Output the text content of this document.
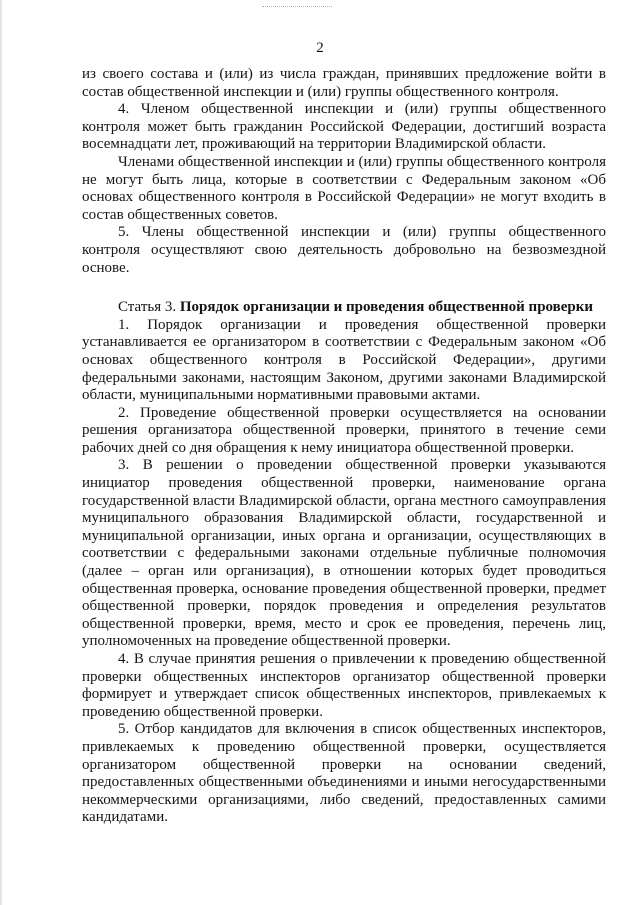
2

из своего состава и (или) из числа граждан, принявших предложение войти в состав общественной инспекции и (или) группы общественного контроля.

4. Членом общественной инспекции и (или) группы общественного контроля может быть гражданин Российской Федерации, достигший возраста восемнадцати лет, проживающий на территории Владимирской области.

Членами общественной инспекции и (или) группы общественного контроля не могут быть лица, которые в соответствии с Федеральным законом «Об основах общественного контроля в Российской Федерации» не могут входить в состав общественных советов.

5. Члены общественной инспекции и (или) группы общественного контроля осуществляют свою деятельность добровольно на безвозмездной основе.

Статья 3. Порядок организации и проведения общественной проверки

1. Порядок организации и проведения общественной проверки устанавливается ее организатором в соответствии с Федеральным законом «Об основах общественного контроля в Российской Федерации», другими федеральными законами, настоящим Законом, другими законами Владимирской области, муниципальными нормативными правовыми актами.

2. Проведение общественной проверки осуществляется на основании решения организатора общественной проверки, принятого в течение семи рабочих дней со дня обращения к нему инициатора общественной проверки.

3. В решении о проведении общественной проверки указываются инициатор проведения общественной проверки, наименование органа государственной власти Владимирской области, органа местного самоуправления муниципального образования Владимирской области, государственной и муниципальной организации, иных органа и организации, осуществляющих в соответствии с федеральными законами отдельные публичные полномочия (далее – орган или организация), в отношении которых будет проводиться общественная проверка, основание проведения общественной проверки, предмет общественной проверки, порядок проведения и определения результатов общественной проверки, время, место и срок ее проведения, перечень лиц, уполномоченных на проведение общественной проверки.

4. В случае принятия решения о привлечении к проведению общественной проверки общественных инспекторов организатор общественной проверки формирует и утверждает список общественных инспекторов, привлекаемых к проведению общественной проверки.

5. Отбор кандидатов для включения в список общественных инспекторов, привлекаемых к проведению общественной проверки, осуществляется организатором общественной проверки на основании сведений, предоставленных общественными объединениями и иными негосударственными некоммерческими организациями, либо сведений, предоставленных самими кандидатами.
